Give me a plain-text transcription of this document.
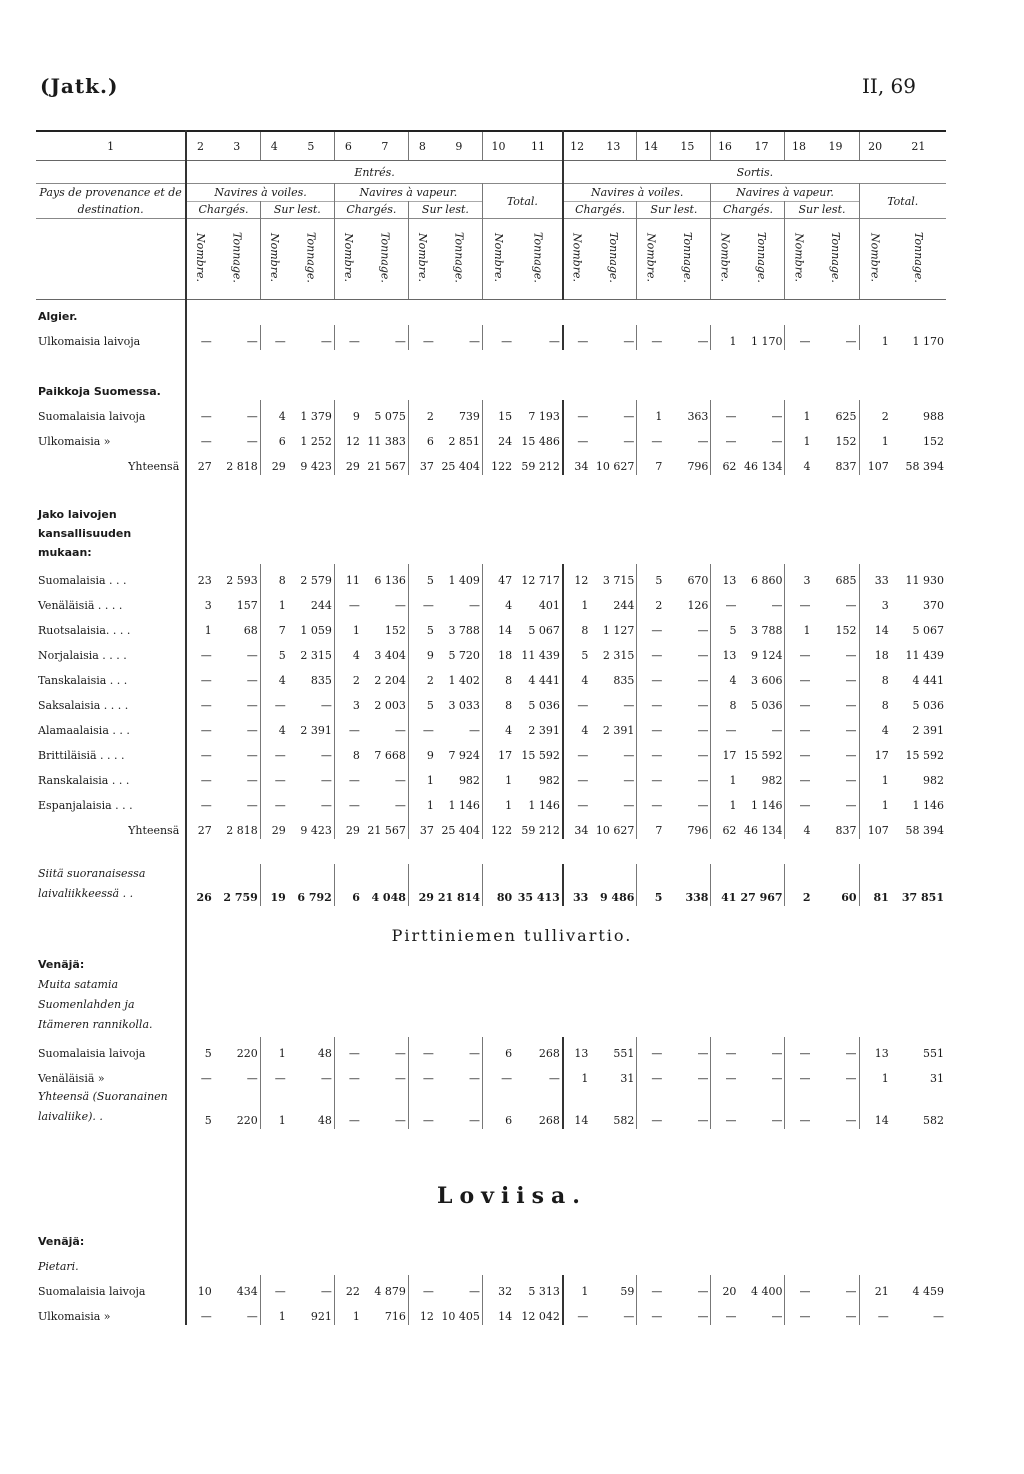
(Jatk.)	II, 69
1	2	3	4	5	6	7	8	9	10	11	12	13	14	15	16	17	18	19	20	21
	Entrés.										Sortis.									
Pays de provenance et de destination.	Navires à voiles.				Navires à vapeur.				Total.		Navires à voiles.				Navires à vapeur.				Total.	
	Chargés.		Sur lest.		Chargés.		Sur lest.				Chargés.		Sur lest.		Chargés.		Sur lest.			
	Nombre.	Tonnage.	Nombre.	Tonnage.	Nombre.	Tonnage.	Nombre.	Tonnage.	Nombre.	Tonnage.	Nombre.	Tonnage.	Nombre.	Tonnage.	Nombre.	Tonnage.	Nombre.	Tonnage.	Nombre.	Tonnage.
Algier.																				
Ulkomaisia laivoja	—	—	—	—	—	—	—	—	—	—	—	—	—	—	1	1 170	—	—	1	1 170

Paikkoja Suomessa.																				
Suomalaisia laivoja	—	—	4	1 379	9	5 075	2	739	15	7 193	—	—	1	363	—	—	1	625	2	988
Ulkomaisia »	—	—	6	1 252	12	11 383	6	2 851	24	15 486	—	—	—	—	—	—	1	152	1	152
Yhteensä	27	2 818	29	9 423	29	21 567	37	25 404	122	59 212	34	10 627	7	796	62	46 134	4	837	107	58 394

Jako laivojen kansallisuuden mukaan:																				
Suomalaisia . . .	23	2 593	8	2 579	11	6 136	5	1 409	47	12 717	12	3 715	5	670	13	6 860	3	685	33	11 930
Venäläisiä . . . .	3	157	1	244	—	—	—	—	4	401	1	244	2	126	—	—	—	—	3	370
Ruotsalaisia. . . .	1	68	7	1 059	1	152	5	3 788	14	5 067	8	1 127	—	—	5	3 788	1	152	14	5 067
Norjalaisia . . . .	—	—	5	2 315	4	3 404	9	5 720	18	11 439	5	2 315	—	—	13	9 124	—	—	18	11 439
Tanskalaisia . . .	—	—	4	835	2	2 204	2	1 402	8	4 441	4	835	—	—	4	3 606	—	—	8	4 441
Saksalaisia . . . .	—	—	—	—	3	2 003	5	3 033	8	5 036	—	—	—	—	8	5 036	—	—	8	5 036
Alamaalaisia . . .	—	—	4	2 391	—	—	—	—	4	2 391	4	2 391	—	—	—	—	—	—	4	2 391
Brittiläisiä . . . .	—	—	—	—	8	7 668	9	7 924	17	15 592	—	—	—	—	17	15 592	—	—	17	15 592
Ranskalaisia . . .	—	—	—	—	—	—	1	982	1	982	—	—	—	—	1	982	—	—	1	982
Espanjalaisia . . .	—	—	—	—	—	—	1	1 146	1	1 146	—	—	—	—	1	1 146	—	—	1	1 146
Yhteensä	27	2 818	29	9 423	29	21 567	37	25 404	122	59 212	34	10 627	7	796	62	46 134	4	837	107	58 394

Siitä suoranaisessa laivaliikkeessä . .	26	2 759	19	6 792	6	4 048	29	21 814	80	35 413	33	9 486	5	338	41	27 967	2	60	81	37 851

Venäjä:																				
Muita satamia Suomenlahden ja Itämeren rannikolla.																				
Suomalaisia laivoja	5	220	1	48	—	—	—	—	6	268	13	551	—	—	—	—	—	—	13	551
Venäläisiä »	—	—	—	—	—	—	—	—	—	—	1	31	—	—	—	—	—	—	1	31
Yhteensä (Suoranainen laivaliike). .	5	220	1	48	—	—	—	—	6	268	14	582	—	—	—	—	—	—	14	582

Venäjä:																				
Pietari.																				
Suomalaisia laivoja	10	434	—	—	22	4 879	—	—	32	5 313	1	59	—	—	20	4 400	—	—	21	4 459
Ulkomaisia »	—	—	1	921	1	716	12	10 405	14	12 042	—	—	—	—	—	—	—	—	—	—
Pirttiniemen tullivartio.
Loviisa.
